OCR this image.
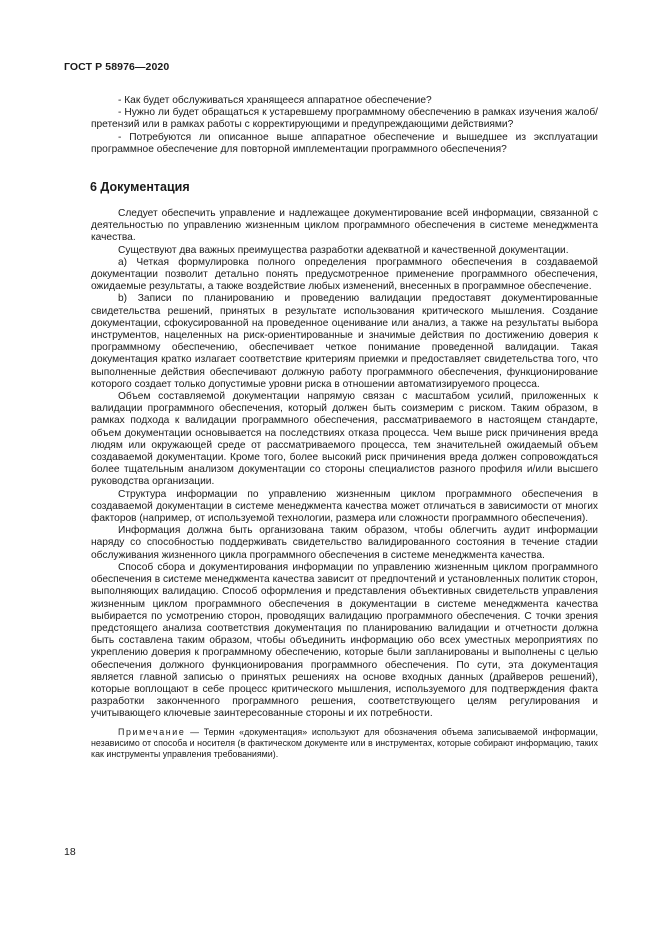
ГОСТ Р 58976—2020

- Как будет обслуживаться хранящееся аппаратное обеспечение?

- Нужно ли будет обращаться к устаревшему программному обеспечению в рамках изучения жалоб/претензий или в рамках работы с корректирующими и предупреждающими действиями?

- Потребуются ли описанное выше аппаратное обеспечение и вышедшее из эксплуатации программное обеспечение для повторной имплементации программного обеспечения?

6 Документация

Следует обеспечить управление и надлежащее документирование всей информации, связанной с деятельностью по управлению жизненным циклом программного обеспечения в системе менеджмента качества.

Существуют два важных преимущества разработки адекватной и качественной документации.

a) Четкая формулировка полного определения программного обеспечения в создаваемой документации позволит детально понять предусмотренное применение программного обеспечения, ожидаемые результаты, а также воздействие любых изменений, внесенных в программное обеспечение.

b) Записи по планированию и проведению валидации предоставят документированные свидетельства решений, принятых в результате использования критического мышления. Создание документации, сфокусированной на проведенное оценивание или анализ, а также на результаты выбора инструментов, нацеленных на риск-ориентированные и значимые действия по достижению доверия к программному обеспечению, обеспечивает четкое понимание проведенной валидации. Такая документация кратко излагает соответствие критериям приемки и предоставляет свидетельства того, что выполненные действия обеспечивают должную работу программного обеспечения, функционирование которого создает только допустимые уровни риска в отношении автоматизируемого процесса.

Объем составляемой документации напрямую связан с масштабом усилий, приложенных к валидации программного обеспечения, который должен быть соизмерим с риском. Таким образом, в рамках подхода к валидации программного обеспечения, рассматриваемого в настоящем стандарте, объем документации основывается на последствиях отказа процесса. Чем выше риск причинения вреда людям или окружающей среде от рассматриваемого процесса, тем значительней ожидаемый объем создаваемой документации. Кроме того, более высокий риск причинения вреда должен сопровождаться более тщательным анализом документации со стороны специалистов разного профиля и/или высшего руководства организации.

Структура информации по управлению жизненным циклом программного обеспечения в создаваемой документации в системе менеджмента качества может отличаться в зависимости от многих факторов (например, от используемой технологии, размера или сложности программного обеспечения).

Информация должна быть организована таким образом, чтобы облегчить аудит информации наряду со способностью поддерживать свидетельство валидированного состояния в течение стадии обслуживания жизненного цикла программного обеспечения в системе менеджмента качества.

Способ сбора и документирования информации по управлению жизненным циклом программного обеспечения в системе менеджмента качества зависит от предпочтений и установленных политик сторон, выполняющих валидацию. Способ оформления и представления объективных свидетельств управления жизненным циклом программного обеспечения в документации в системе менеджмента качества выбирается по усмотрению сторон, проводящих валидацию программного обеспечения. С точки зрения предстоящего анализа соответствия документация по планированию валидации и отчетности должна быть составлена таким образом, чтобы объединить информацию обо всех уместных мероприятиях по укреплению доверия к программному обеспечению, которые были запланированы и выполнены с целью обеспечения должного функционирования программного обеспечения. По сути, эта документация является главной записью о принятых решениях на основе входных данных (драйверов решений), которые воплощают в себе процесс критического мышления, используемого для подтверждения факта разработки законченного программного решения, соответствующего целям регулирования и учитывающего ключевые заинтересованные стороны и их потребности.

Примечание — Термин «документация» используют для обозначения объема записываемой информации, независимо от способа и носителя (в фактическом документе или в инструментах, которые собирают информацию, таких как инструменты управления требованиями).

18
